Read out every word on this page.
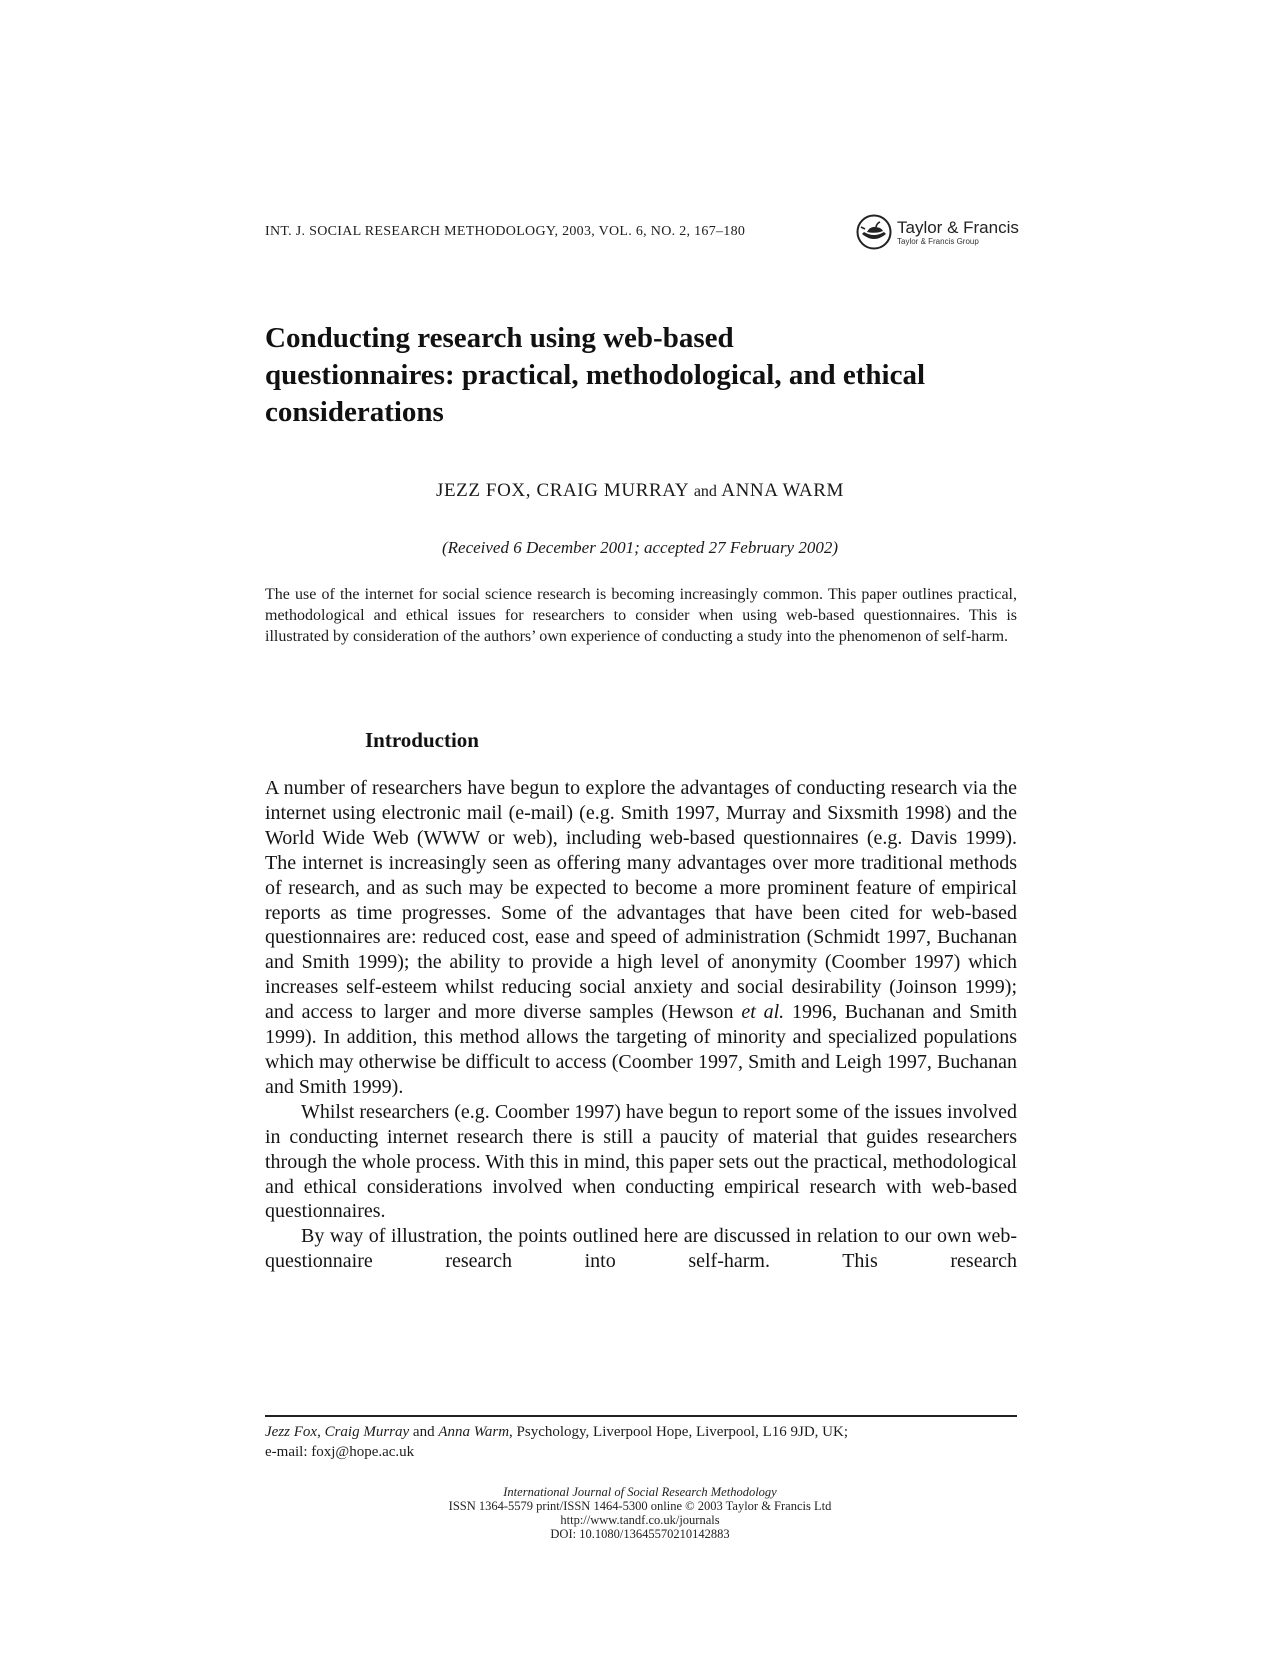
INT. J. SOCIAL RESEARCH METHODOLOGY, 2003, VOL. 6, NO. 2, 167–180	Taylor & Francis
Taylor & Francis Group
Conducting research using web-based
questionnaires: practical, methodological, and ethical
considerations

JEZZ FOX, CRAIG MURRAY and ANNA WARM

(Received 6 December 2001; accepted 27 February 2002)

The use of the internet for social science research is becoming increasingly common. This paper outlines practical, methodological and ethical issues for researchers to consider when using web-based questionnaires. This is illustrated by consideration of the authors’ own experience of conducting a study into the phenomenon of self-harm.

Introduction

A number of researchers have begun to explore the advantages of conducting research via the internet using electronic mail (e-mail) (e.g. Smith 1997, Murray and Sixsmith 1998) and the World Wide Web (WWW or web), including web-based questionnaires (e.g. Davis 1999). The internet is increasingly seen as offering many advantages over more traditional methods of research, and as such may be expected to become a more prominent feature of empirical reports as time progresses. Some of the advantages that have been cited for web-based questionnaires are: reduced cost, ease and speed of administration (Schmidt 1997, Buchanan and Smith 1999); the ability to provide a high level of anonymity (Coomber 1997) which increases self-esteem whilst reducing social anxiety and social desirability (Joinson 1999); and access to larger and more diverse samples (Hewson et al. 1996, Buchanan and Smith 1999). In addition, this method allows the targeting of minority and specialized populations which may otherwise be difficult to access (Coomber 1997, Smith and Leigh 1997, Buchanan and Smith 1999).

Whilst researchers (e.g. Coomber 1997) have begun to report some of the issues involved in conducting internet research there is still a paucity of material that guides researchers through the whole process. With this in mind, this paper sets out the practical, methodological and ethical considerations involved when conducting empirical research with web-based questionnaires.

By way of illustration, the points outlined here are discussed in relation to our own web-questionnaire research into self-harm. This research

Jezz Fox, Craig Murray and Anna Warm, Psychology, Liverpool Hope, Liverpool, L16 9JD, UK;
e-mail: foxj@hope.ac.uk
International Journal of Social Research Methodology
ISSN 1364-5579 print/ISSN 1464-5300 online © 2003 Taylor & Francis Ltd
http://www.tandf.co.uk/journals
DOI: 10.1080/13645570210142883
